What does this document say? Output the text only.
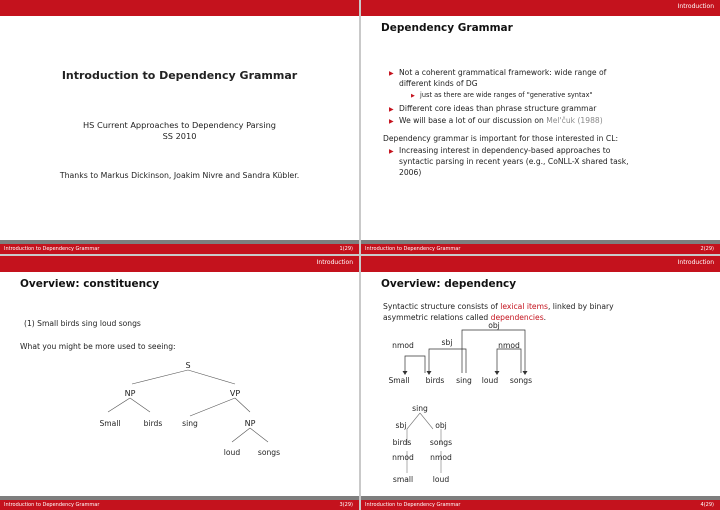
Introduction to Dependency Grammar
HS Current Approaches to Dependency Parsing
SS 2010
Thanks to Markus Dickinson, Joakim Nivre and Sandra Kübler.
Introduction to Dependency Grammar	1(29)
Introduction
Dependency Grammar
▶ Not a coherent grammatical framework: wide range of
different kinds of DG
▶ just as there are wide ranges of "generative syntax"
▶ Different core ideas than phrase structure grammar
▶ We will base a lot of our discussion on Mel'čuk (1988)
Dependency grammar is important for those interested in CL:
▶ Increasing interest in dependency-based approaches to
syntactic parsing in recent years (e.g., CoNLL-X shared task,
2006)
Introduction to Dependency Grammar	2(29)
Introduction
Overview: constituency
(1) Small birds sing loud songs
What you might be more used to seeing:
S
NP	VP
NP
Small	birds	sing
loud songs
Introduction to Dependency Grammar	3(29)
Introduction
Overview: dependency
Syntactic structure consists of lexical items, linked by binary
asymmetric relations called dependencies.
nmod	sbj
obj
nmod
Small birds sing loud songs
sing
sbj	obj
birds songs
nmod nmod
small	loud
Introduction to Dependency Grammar	4(29)
